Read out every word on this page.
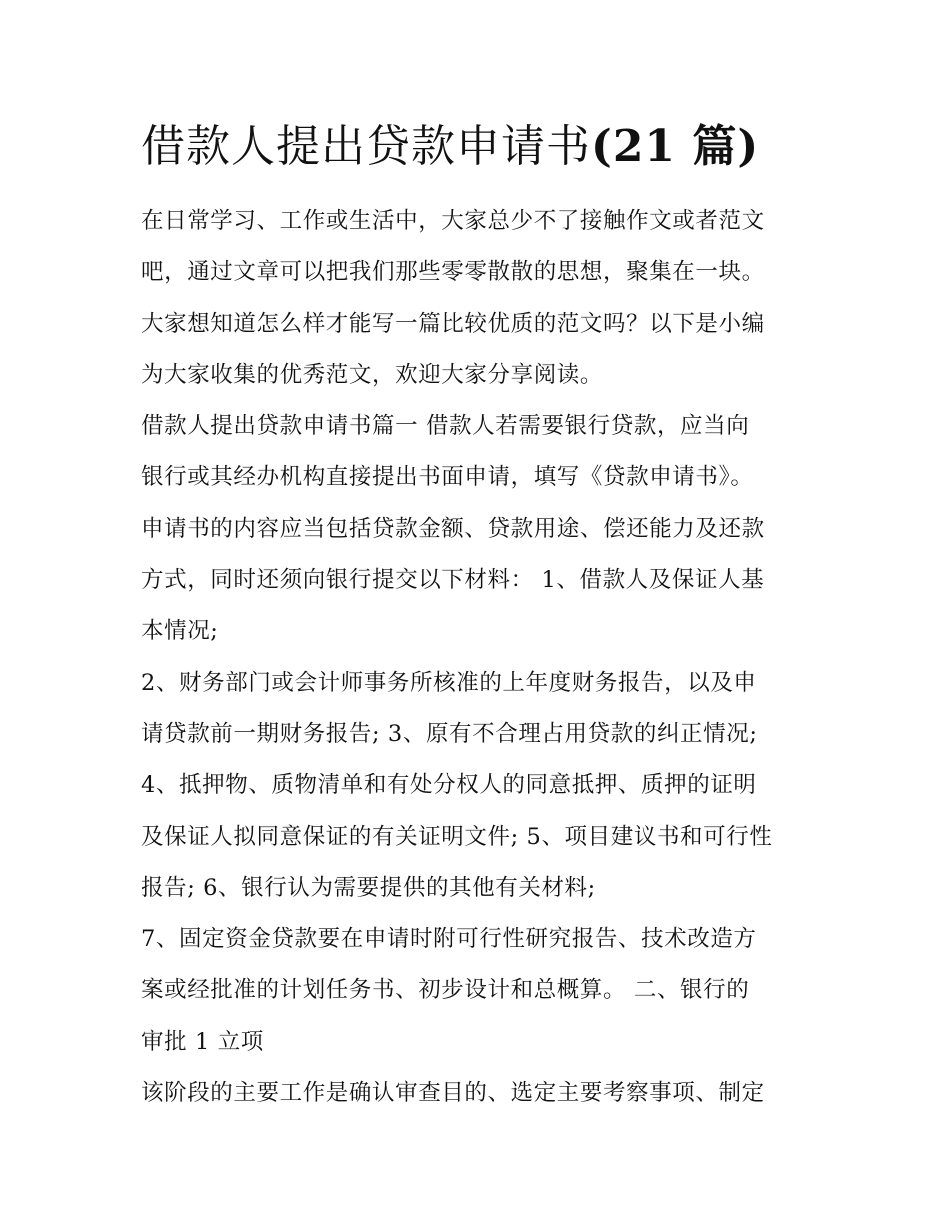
借款人提出贷款申请书(21 篇)
在日常学习、工作或生活中，大家总少不了接触作文或者范文
吧，通过文章可以把我们那些零零散散的思想，聚集在一块。
大家想知道怎么样才能写一篇比较优质的范文吗？以下是小编
为大家收集的优秀范文，欢迎大家分享阅读。
借款人提出贷款申请书篇一 借款人若需要银行贷款，应当向
银行或其经办机构直接提出书面申请，填写《贷款申请书》。
申请书的内容应当包括贷款金额、贷款用途、偿还能力及还款
方式，同时还须向银行提交以下材料： 1、借款人及保证人基
本情况;
2、财务部门或会计师事务所核准的上年度财务报告，以及申
请贷款前一期财务报告; 3、原有不合理占用贷款的纠正情况;
4、抵押物、质物清单和有处分权人的同意抵押、质押的证明
及保证人拟同意保证的有关证明文件; 5、项目建议书和可行性
报告; 6、银行认为需要提供的其他有关材料;
7、固定资金贷款要在申请时附可行性研究报告、技术改造方
案或经批准的计划任务书、初步设计和总概算。 二、银行的
审批 1 立项
该阶段的主要工作是确认审查目的、选定主要考察事项、制定
